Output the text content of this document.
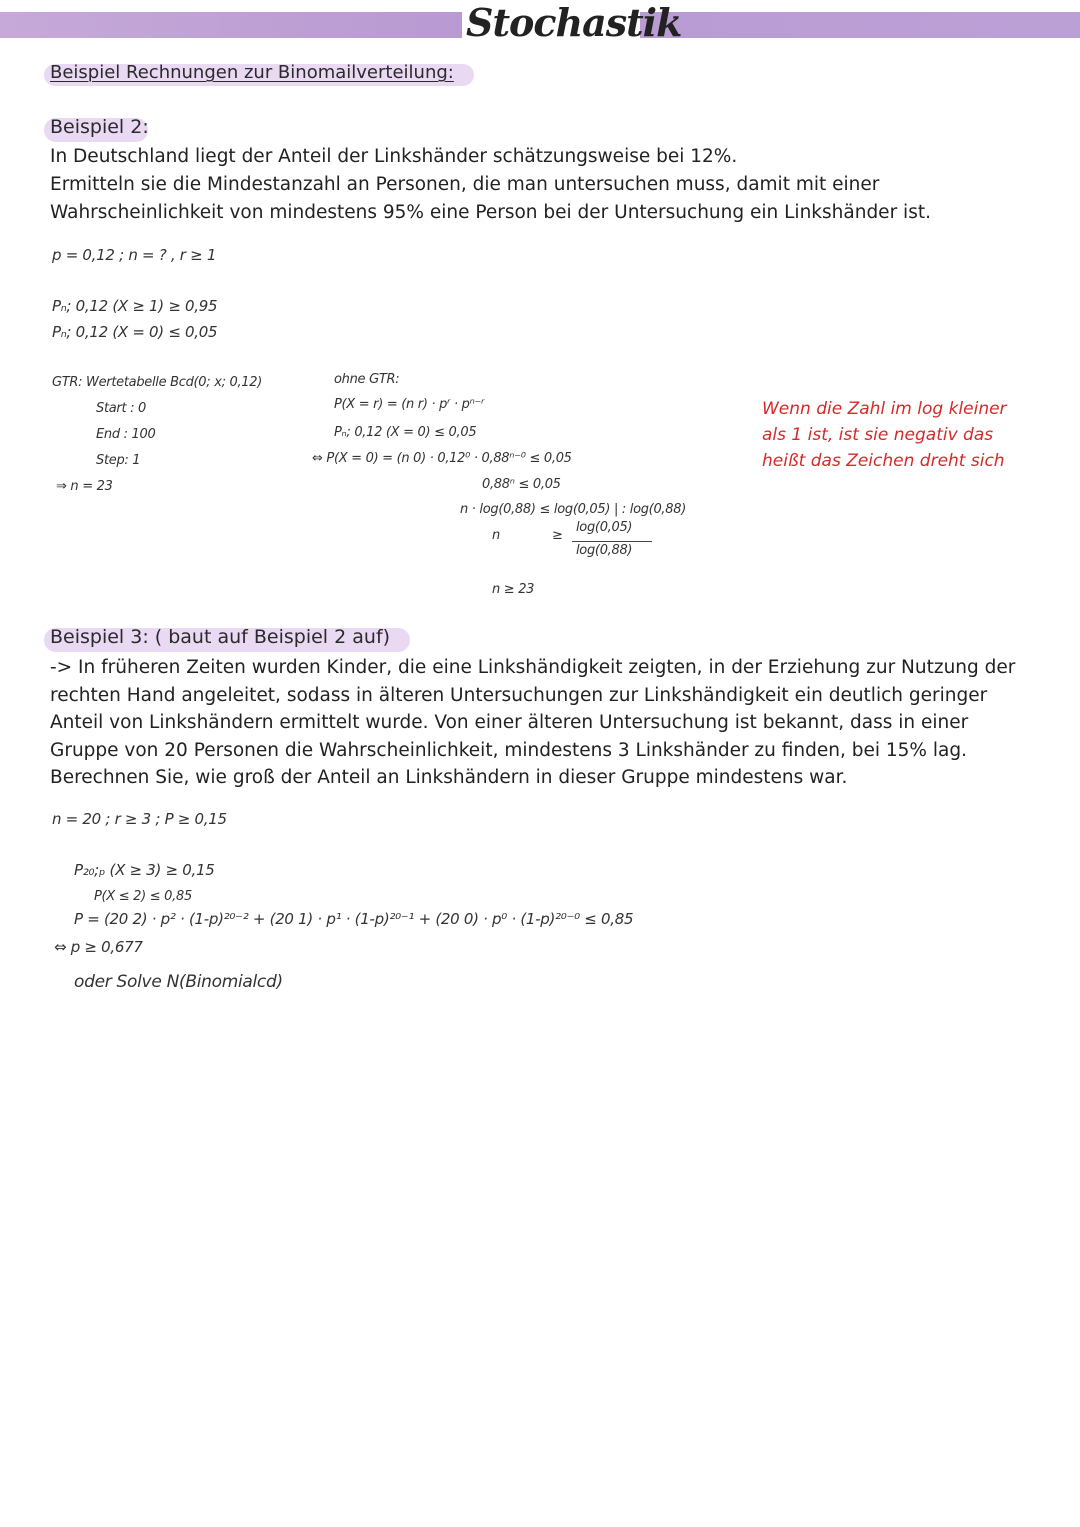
Stochastik
Beispiel Rechnungen zur Binomailverteilung:
Beispiel 2:
In Deutschland liegt der Anteil der Linkshänder schätzungsweise bei 12%.
Ermitteln sie die Mindestanzahl an Personen, die man untersuchen muss, damit mit einer
Wahrscheinlichkeit von mindestens 95% eine Person bei der Untersuchung ein Linkshänder ist.
p = 0,12 ; n = ? , r ≥ 1
Pₙ; 0,12 (X ≥ 1) ≥ 0,95
Pₙ; 0,12 (X = 0) ≤ 0,05
GTR: Wertetabelle Bcd(0; x; 0,12)
Start : 0
End : 100
Step: 1
⇒ n = 23
ohne GTR:
P(X = r) = (n r) · pʳ · pⁿ⁻ʳ
Pₙ; 0,12 (X = 0) ≤ 0,05
⇔ P(X = 0) = (n 0) · 0,12⁰ · 0,88ⁿ⁻⁰ ≤ 0,05
0,88ⁿ ≤ 0,05
n · log(0,88) ≤ log(0,05) | : log(0,88)
n	≥
log(0,05)
log(0,88)
n ≥ 23
Wenn die Zahl im log kleiner
als 1 ist, ist sie negativ das
heißt das Zeichen dreht sich
Beispiel 3: ( baut auf Beispiel 2 auf)
-> In früheren Zeiten wurden Kinder, die eine Linkshändigkeit zeigten, in der Erziehung zur Nutzung der
rechten Hand angeleitet, sodass in älteren Untersuchungen zur Linkshändigkeit ein deutlich geringer
Anteil von Linkshändern ermittelt wurde. Von einer älteren Untersuchung ist bekannt, dass in einer
Gruppe von 20 Personen die Wahrscheinlichkeit, mindestens 3 Linkshänder zu finden, bei 15% lag.
Berechnen Sie, wie groß der Anteil an Linkshändern in dieser Gruppe mindestens war.
n = 20 ; r ≥ 3 ; P ≥ 0,15
P₂₀;ₚ (X ≥ 3) ≥ 0,15
P(X ≤ 2) ≤ 0,85
P = (20 2) · p² · (1-p)²⁰⁻² + (20 1) · p¹ · (1-p)²⁰⁻¹ + (20 0) · p⁰ · (1-p)²⁰⁻⁰ ≤ 0,85
⇔ p ≥ 0,677
oder Solve N(Binomialcd)
